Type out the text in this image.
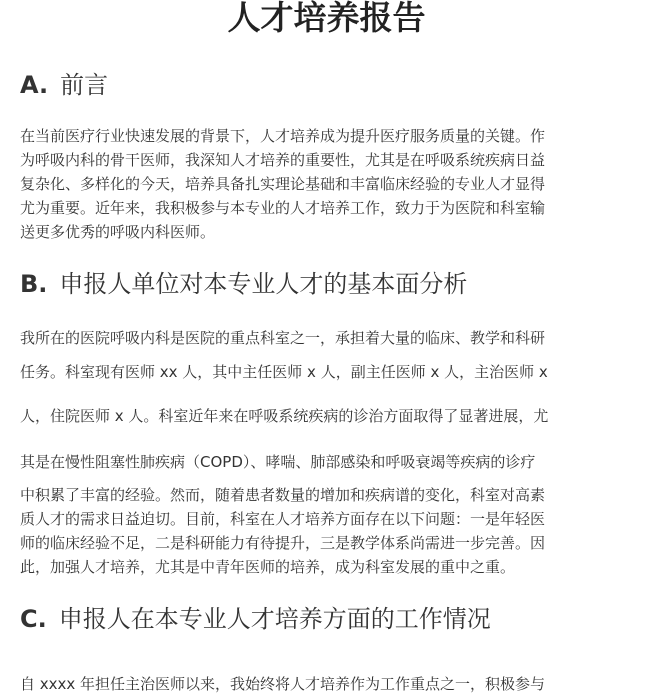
人才培养报告
A. 前言

在当前医疗行业快速发展的背景下，人才培养成为提升医疗服务质量的关键。作

为呼吸内科的骨干医师，我深知人才培养的重要性，尤其是在呼吸系统疾病日益

复杂化、多样化的今天，培养具备扎实理论基础和丰富临床经验的专业人才显得

尤为重要。近年来，我积极参与本专业的人才培养工作，致力于为医院和科室输

送更多优秀的呼吸内科医师。

B. 申报人单位对本专业人才的基本面分析

我所在的医院呼吸内科是医院的重点科室之一，承担着大量的临床、教学和科研

任务。科室现有医师 xx 人，其中主任医师 x 人，副主任医师 x 人，主治医师 x

人，住院医师 x 人。科室近年来在呼吸系统疾病的诊治方面取得了显著进展，尤

其是在慢性阻塞性肺疾病（COPD）、哮喘、肺部感染和呼吸衰竭等疾病的诊疗

中积累了丰富的经验。然而，随着患者数量的增加和疾病谱的变化，科室对高素

质人才的需求日益迫切。目前，科室在人才培养方面存在以下问题：一是年轻医

师的临床经验不足，二是科研能力有待提升，三是教学体系尚需进一步完善。因

此，加强人才培养，尤其是中青年医师的培养，成为科室发展的重中之重。

C. 申报人在本专业人才培养方面的工作情况

自 xxxx 年担任主治医师以来，我始终将人才培养作为工作重点之一，积极参与
